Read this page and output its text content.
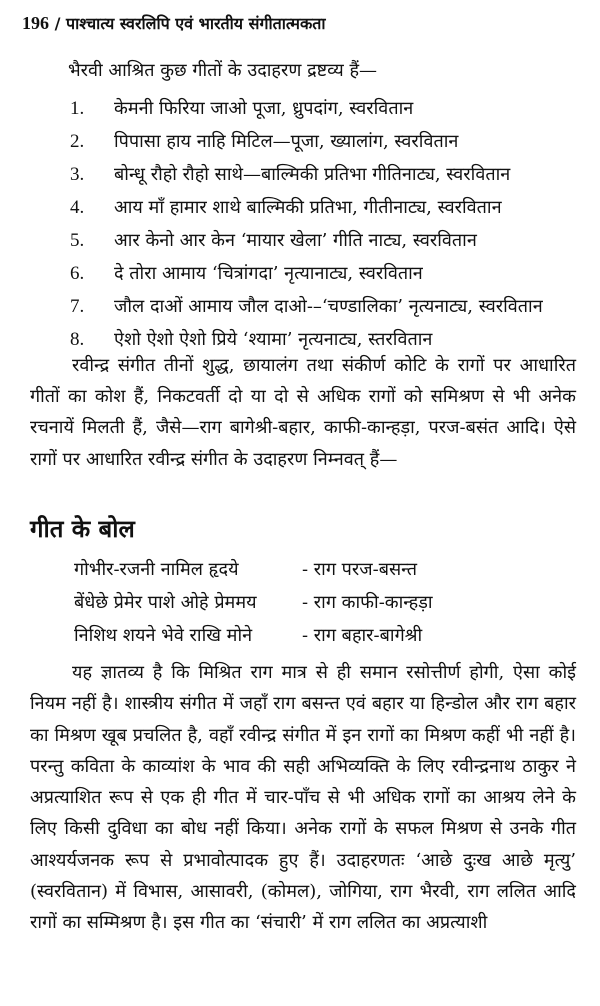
196 / पाश्चात्य स्वरलिपि एवं भारतीय संगीतात्मकता
भैरवी आश्रित कुछ गीतों के उदाहरण द्रष्टव्य हैं—
1. केमनी फिरिया जाओ पूजा, ध्रुपदांग, स्वरवितान
2. पिपासा हाय नाहि मिटिल—पूजा, ख्यालांग, स्वरवितान
3. बोन्धू रौहो रौहो साथे—बाल्मिकी प्रतिभा गीतिनाट्य, स्वरवितान
4. आय माँ हामार शाथे बाल्मिकी प्रतिभा, गीतीनाट्य, स्वरवितान
5. आर केनो आर केन ‘मायार खेला’ गीति नाट्य, स्वरवितान
6. दे तोरा आमाय ‘चित्रांगदा’ नृत्यानाट्य, स्वरवितान
7. जौल दाओं आमाय जौल दाओ-–‘चण्डालिका’ नृत्यनाट्य, स्वरवितान
8. ऐशो ऐशो ऐशो प्रिये ‘श्यामा’ नृत्यनाट्य, स्तरवितान

रवीन्द्र संगीत तीनों शुद्ध, छायालंग तथा संकीर्ण कोटि के रागों पर आधारित गीतों का कोश हैं, निकटवर्ती दो या दो से अधिक रागों को समिश्रण से भी अनेक रचनायें मिलती हैं, जैसे—राग बागेश्री-बहार, काफी-कान्हड़ा, परज-बसंत आदि। ऐसे रागों पर आधारित रवीन्द्र संगीत के उदाहरण निम्नवत् हैं—

गीत के बोल
गोभीर-रजनी नामिल हृदये	- राग परज-बसन्त
बेंधेछे प्रेमेर पाशे ओहे प्रेममय	- राग काफी-कान्हड़ा
निशिथ शयने भेवे राखि मोने	- राग बहार-बागेश्री

यह ज्ञातव्य है कि मिश्रित राग मात्र से ही समान रसोत्तीर्ण होगी, ऐसा कोई नियम नहीं है। शास्त्रीय संगीत में जहाँ राग बसन्त एवं बहार या हिन्डोल और राग बहार का मिश्रण खूब प्रचलित है, वहाँ रवीन्द्र संगीत में इन रागों का मिश्रण कहीं भी नहीं है। परन्तु कविता के काव्यांश के भाव की सही अभिव्यक्ति के लिए रवीन्द्रनाथ ठाकुर ने अप्रत्याशित रूप से एक ही गीत में चार-पाँच से भी अधिक रागों का आश्रय लेने के लिए किसी दुविधा का बोध नहीं किया। अनेक रागों के सफल मिश्रण से उनके गीत आश्यर्यजनक रूप से प्रभावोत्पादक हुए हैं। उदाहरणतः ‘आछे दुःख आछे मृत्यु’ (स्वरवितान) में विभास, आसावरी, (कोमल), जोगिया, राग भैरवी, राग ललित आदि रागों का सम्मिश्रण है। इस गीत का ‘संचारी’ में राग ललित का अप्रत्याशी
